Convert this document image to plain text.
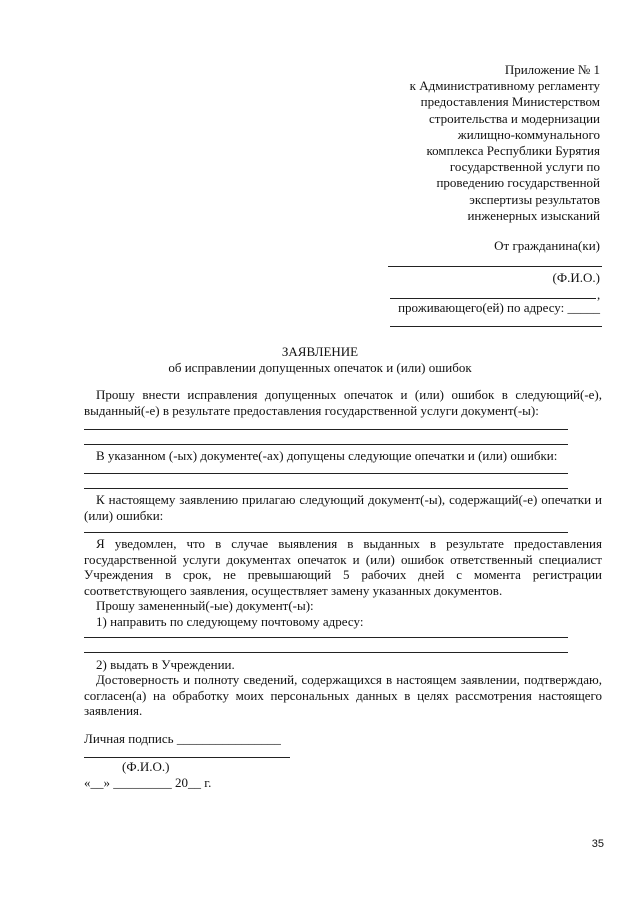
Приложение № 1
к Административному регламенту
предоставления Министерством
строительства и модернизации
жилищно-коммунального
комплекса Республики Бурятия
государственной услуги по
проведению государственной
экспертизы результатов
инженерных изысканий
От гражданина(ки)
(Ф.И.О.)
,
проживающего(ей) по адресу: _____
ЗАЯВЛЕНИЕ
об исправлении допущенных опечаток и (или) ошибок
Прошу внести исправления допущенных опечаток и (или) ошибок в следующий(-е), выданный(-е) в результате предоставления государственной услуги документ(-ы):
В указанном (-ых) документе(-ах) допущены следующие опечатки и (или) ошибки:
К настоящему заявлению прилагаю следующий документ(-ы), содержащий(-е) опечатки и (или) ошибки:
Я уведомлен, что в случае выявления в выданных в результате предоставления государственной услуги документах опечаток и (или) ошибок ответственный специалист Учреждения в срок, не превышающий 5 рабочих дней с момента регистрации соответствующего заявления, осуществляет замену указанных документов.
Прошу замененный(-ые) документ(-ы):
1) направить по следующему почтовому адресу:
2) выдать в Учреждении.
Достоверность и полноту сведений, содержащихся в настоящем заявлении, подтверждаю, согласен(а) на обработку моих персональных данных в целях рассмотрения настоящего заявления.
Личная подпись ________________
(Ф.И.О.)
«__» _________ 20__ г.
35
